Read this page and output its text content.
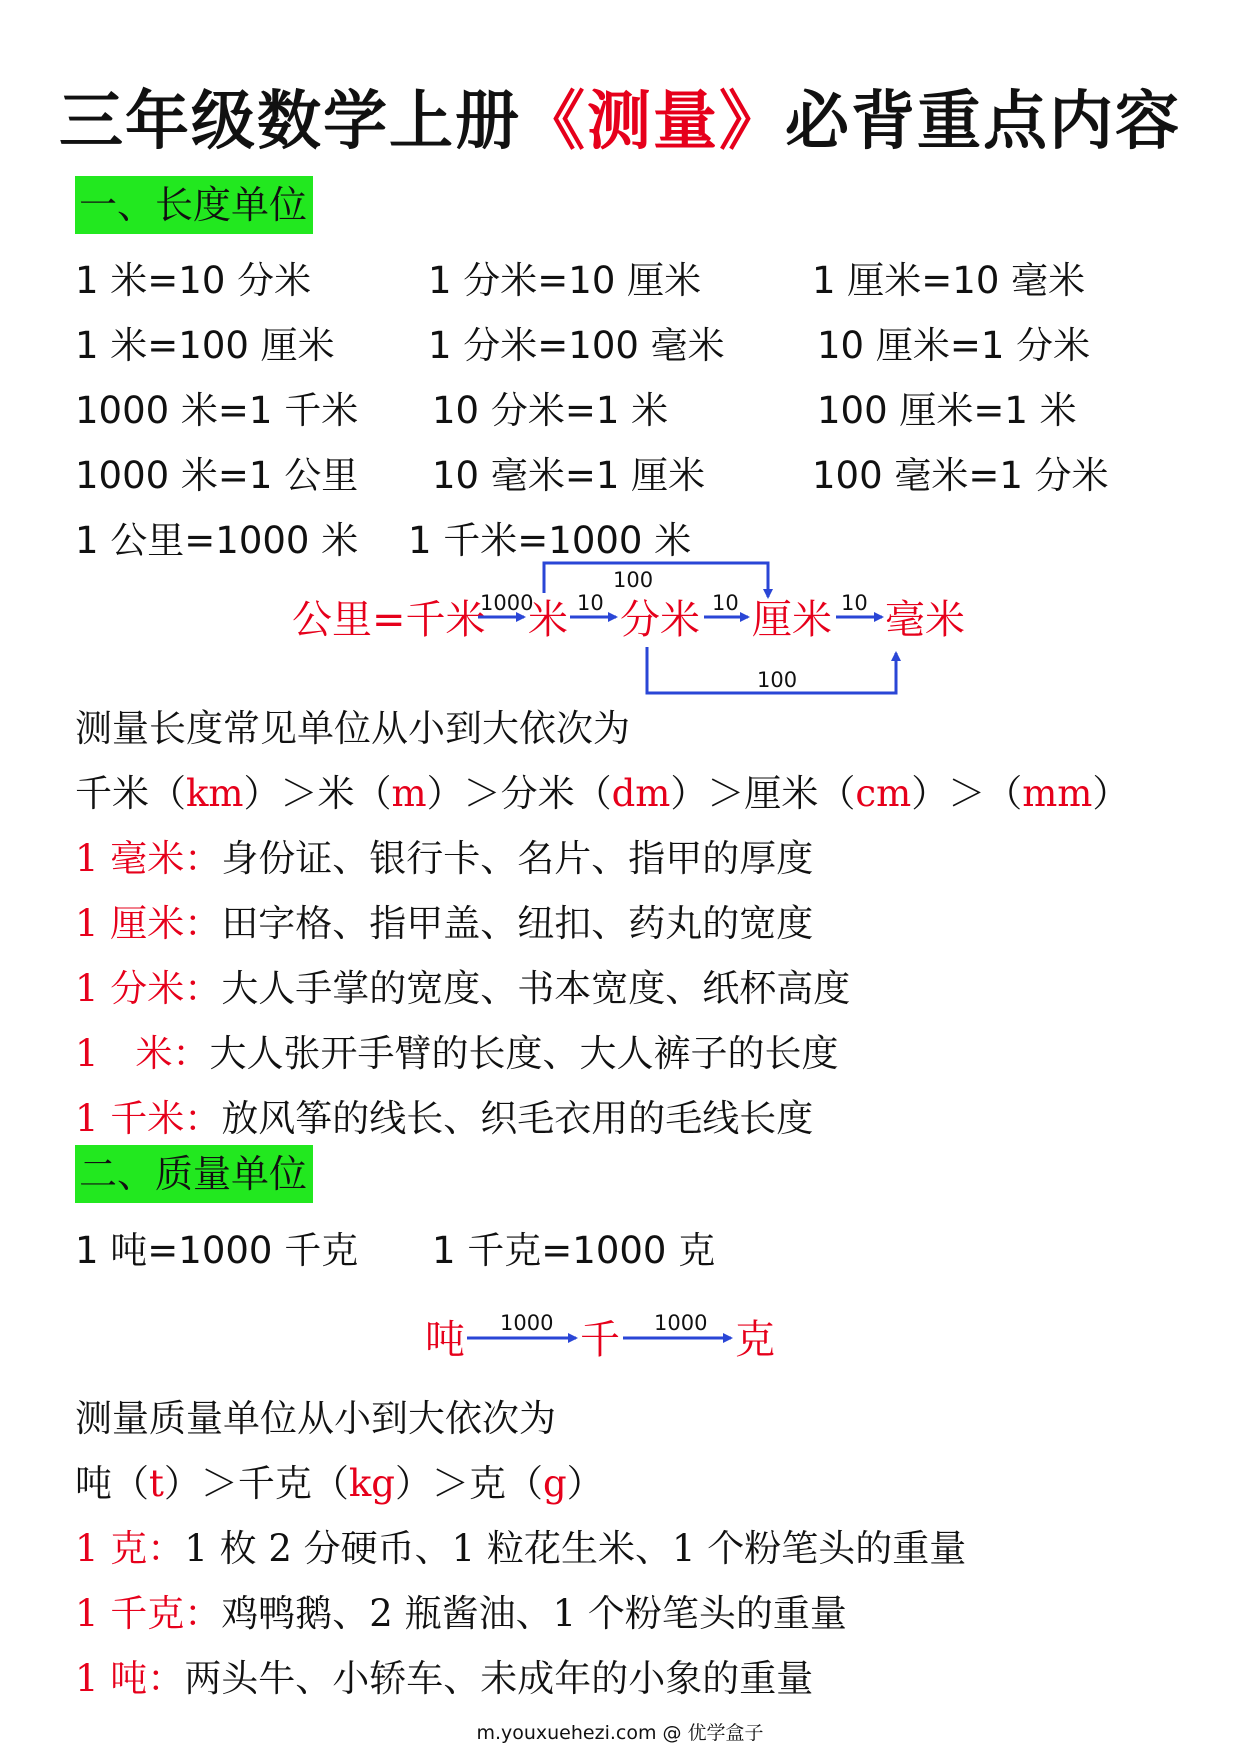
三年级数学上册《测量》必背重点内容
一、长度单位
1 米=10 分米	1 分米=10 厘米	1 厘米=10 毫米
1 米=100 厘米	1 分米=100 毫米 10 厘米=1 分米
1000 米=1 千米 10 分米=1 米	100 厘米=1 米
1000 米=1 公里 10 毫米=1 厘米	100 毫米=1 分米
1 公里=1000 米 1 千米=1000 米
公里=千米 米 分米 厘米 毫米
1000 10	10	10
100
100
测量长度常见单位从小到大依次为
千米（km）＞米（m）＞分米（dm）＞厘米（cm）＞（mm）
1 毫米：身份证、银行卡、名片、指甲的厚度
1 厘米：田字格、指甲盖、纽扣、药丸的宽度
1 分米：大人手掌的宽度、书本宽度、纸杯高度
1　米：大人张开手臂的长度、大人裤子的长度
1 千米：放风筝的线长、织毛衣用的毛线长度
二、质量单位
1 吨=1000 千克 1 千克=1000 克
吨	千	克
1000	1000
测量质量单位从小到大依次为
吨（t）＞千克（kg）＞克（g）
1 克：1 枚 2 分硬币、1 粒花生米、1 个粉笔头的重量
1 千克：鸡鸭鹅、2 瓶酱油、1 个粉笔头的重量
1 吨：两头牛、小轿车、未成年的小象的重量
m.youxuehezi.com @ 优学盒子
